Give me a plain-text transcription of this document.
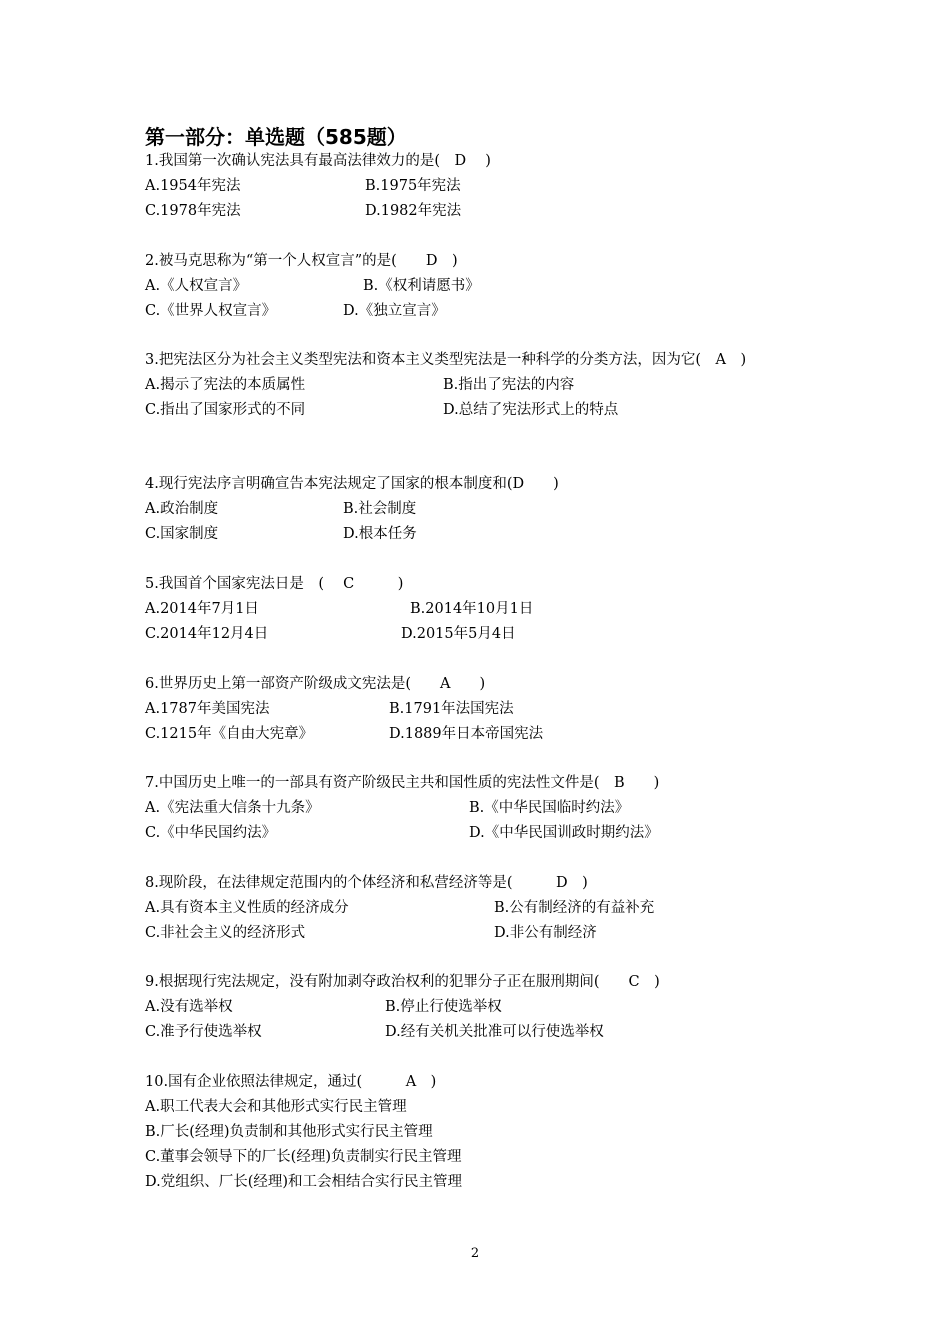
第一部分：单选题（585题）
1.我国第一次确认宪法具有最高法律效力的是(　D　 )
A.1954年宪法	B.1975年宪法
C.1978年宪法	D.1982年宪法
2.被马克思称为“第一个人权宣言”的是(　　D　)
A.《人权宣言》	B.《权利请愿书》
C.《世界人权宣言》	D.《独立宣言》
3.把宪法区分为社会主义类型宪法和资本主义类型宪法是一种科学的分类方法，因为它(　A　)
A.揭示了宪法的本质属性	B.指出了宪法的内容
C.指出了国家形式的不同	D.总结了宪法形式上的特点
4.现行宪法序言明确宣告本宪法规定了国家的根本制度和(D　　)
A.政治制度	B.社会制度
C.国家制度	D.根本任务
5.我国首个国家宪法日是　(　 C　　　)
A.2014年7月1日	B.2014年10月1日
C.2014年12月4日	D.2015年5月4日
6.世界历史上第一部资产阶级成文宪法是(　　A　　)
A.1787年美国宪法	B.1791年法国宪法
C.1215年《自由大宪章》	D.1889年日本帝国宪法
7.中国历史上唯一的一部具有资产阶级民主共和国性质的宪法性文件是(　B　　)
A.《宪法重大信条十九条》	B.《中华民国临时约法》
C.《中华民国约法》	D.《中华民国训政时期约法》
8.现阶段，在法律规定范围内的个体经济和私营经济等是(　　　D　)
A.具有资本主义性质的经济成分	B.公有制经济的有益补充
C.非社会主义的经济形式	D.非公有制经济
9.根据现行宪法规定，没有附加剥夺政治权利的犯罪分子正在服刑期间(　　C　)
A.没有选举权	B.停止行使选举权
C.准予行使选举权	D.经有关机关批准可以行使选举权
10.国有企业依照法律规定，通过(　　　A　)
A.职工代表大会和其他形式实行民主管理
B.厂长(经理)负责制和其他形式实行民主管理
C.董事会领导下的厂长(经理)负责制实行民主管理
D.党组织、厂长(经理)和工会相结合实行民主管理
2
